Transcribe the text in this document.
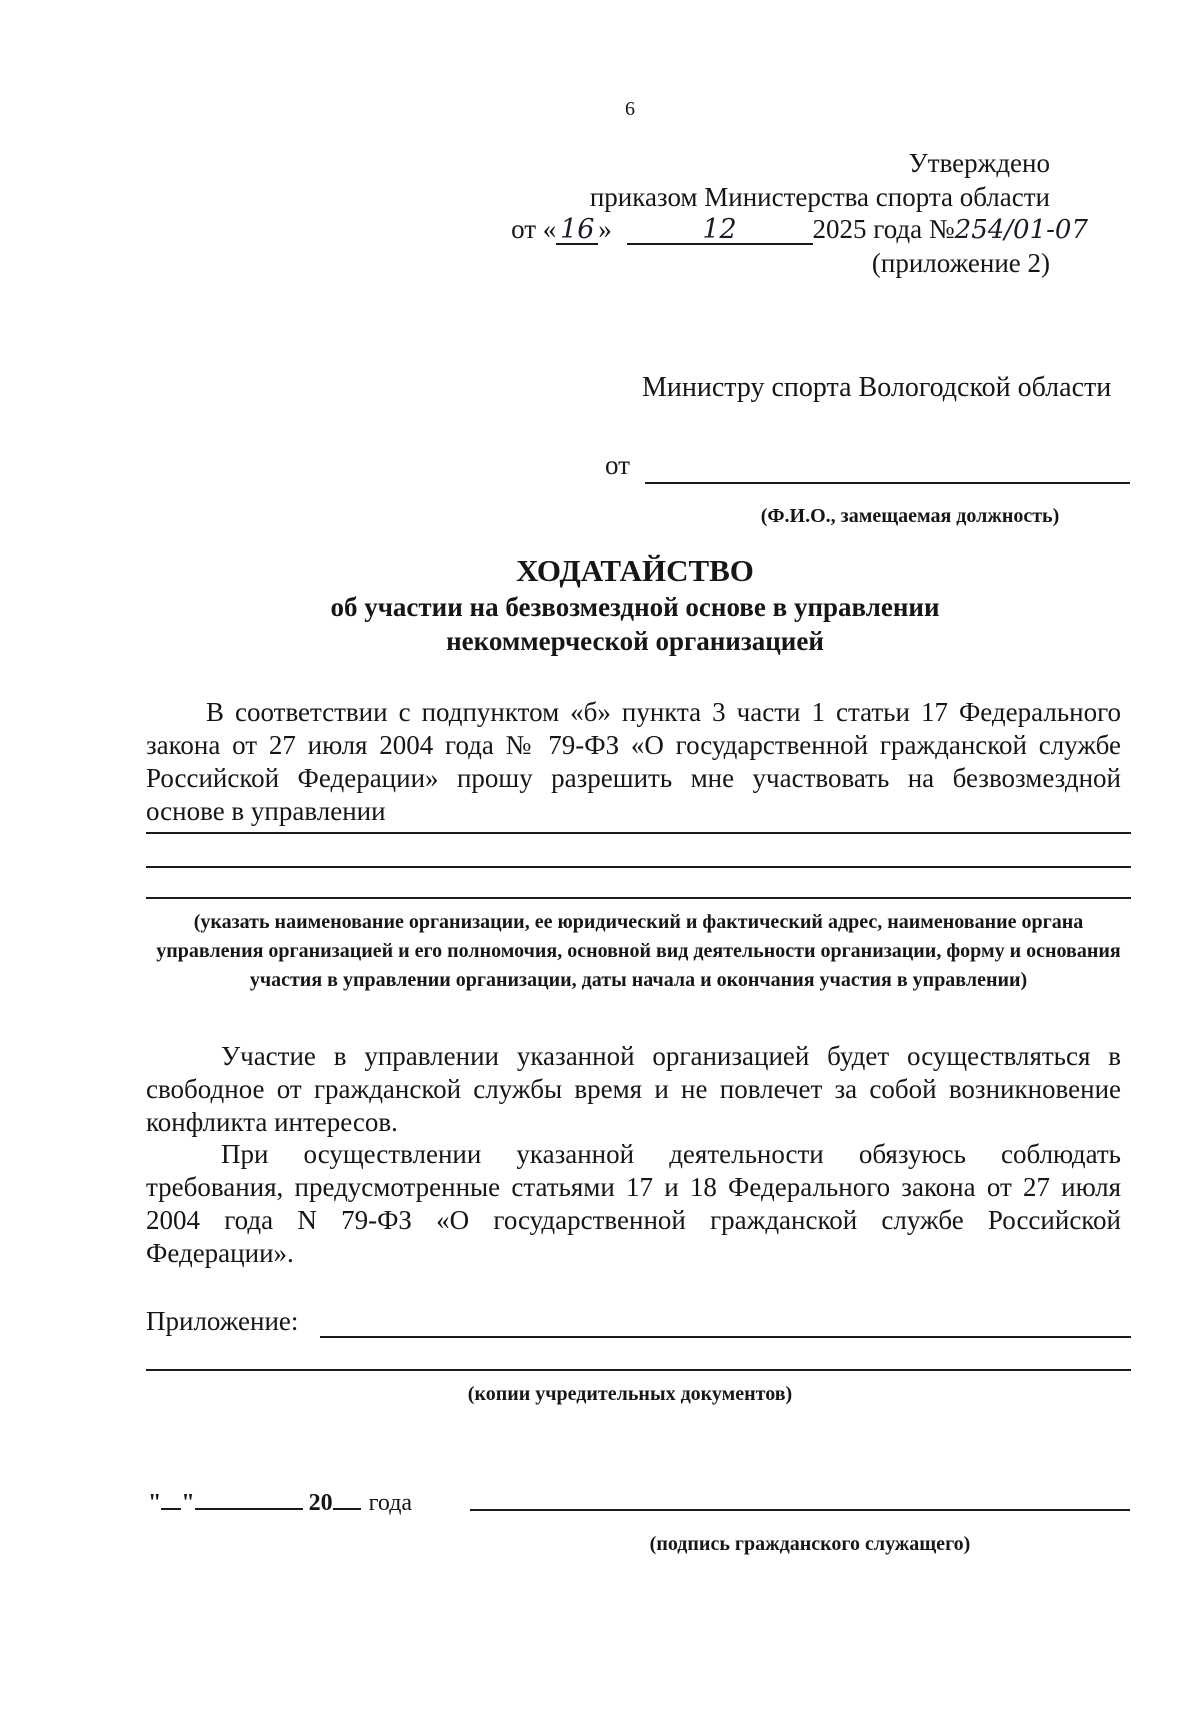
6
Утверждено
приказом Министерства спорта области
от « 16 »	12	2025 года №254/01-07
(приложение 2)
Министру спорта Вологодской области
от
(Ф.И.О., замещаемая должность)
ХОДАТАЙСТВО
об участии на безвозмездной основе в управлении
некоммерческой организацией
В соответствии с подпунктом «б» пункта 3 части 1 статьи 17 Федерального закона от 27 июля 2004 года № 79-ФЗ «О государственной гражданской службе Российской Федерации» прошу разрешить мне участвовать на безвозмездной основе в управлении
(указать наименование организации, ее юридический и фактический адрес, наименование органа управления организацией и его полномочия, основной вид деятельности организации, форму и основания участия в управлении организации, даты начала и окончания участия в управлении)
Участие в управлении указанной организацией будет осуществляться в свободное от гражданской службы время и не повлечет за собой возникновение конфликта интересов.
При осуществлении указанной деятельности обязуюсь соблюдать требования, предусмотренные статьями 17 и 18 Федерального закона от 27 июля 2004 года N 79-ФЗ «О государственной гражданской службе Российской Федерации».
Приложение:
(копии учредительных документов)
" "	20 года
(подпись гражданского служащего)
